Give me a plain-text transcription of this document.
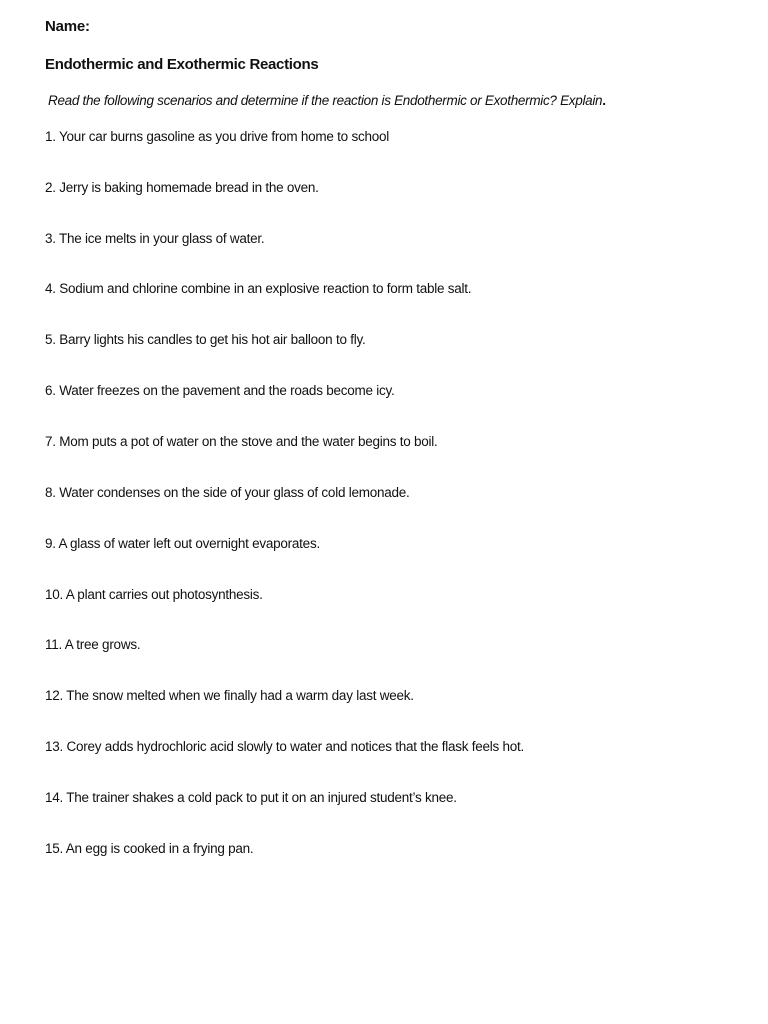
Name:
Endothermic and Exothermic Reactions
Read the following scenarios and determine if the reaction is Endothermic or Exothermic? Explain.
1. Your car burns gasoline as you drive from home to school
2. Jerry is baking homemade bread in the oven.
3. The ice melts in your glass of water.
4. Sodium and chlorine combine in an explosive reaction to form table salt.
5. Barry lights his candles to get his hot air balloon to fly.
6. Water freezes on the pavement and the roads become icy.
7. Mom puts a pot of water on the stove and the water begins to boil.
8. Water condenses on the side of your glass of cold lemonade.
9. A glass of water left out overnight evaporates.
10. A plant carries out photosynthesis.
11. A tree grows.
12. The snow melted when we finally had a warm day last week.
13. Corey adds hydrochloric acid slowly to water and notices that the flask feels hot.
14. The trainer shakes a cold pack to put it on an injured student’s knee.
15. An egg is cooked in a frying pan.
